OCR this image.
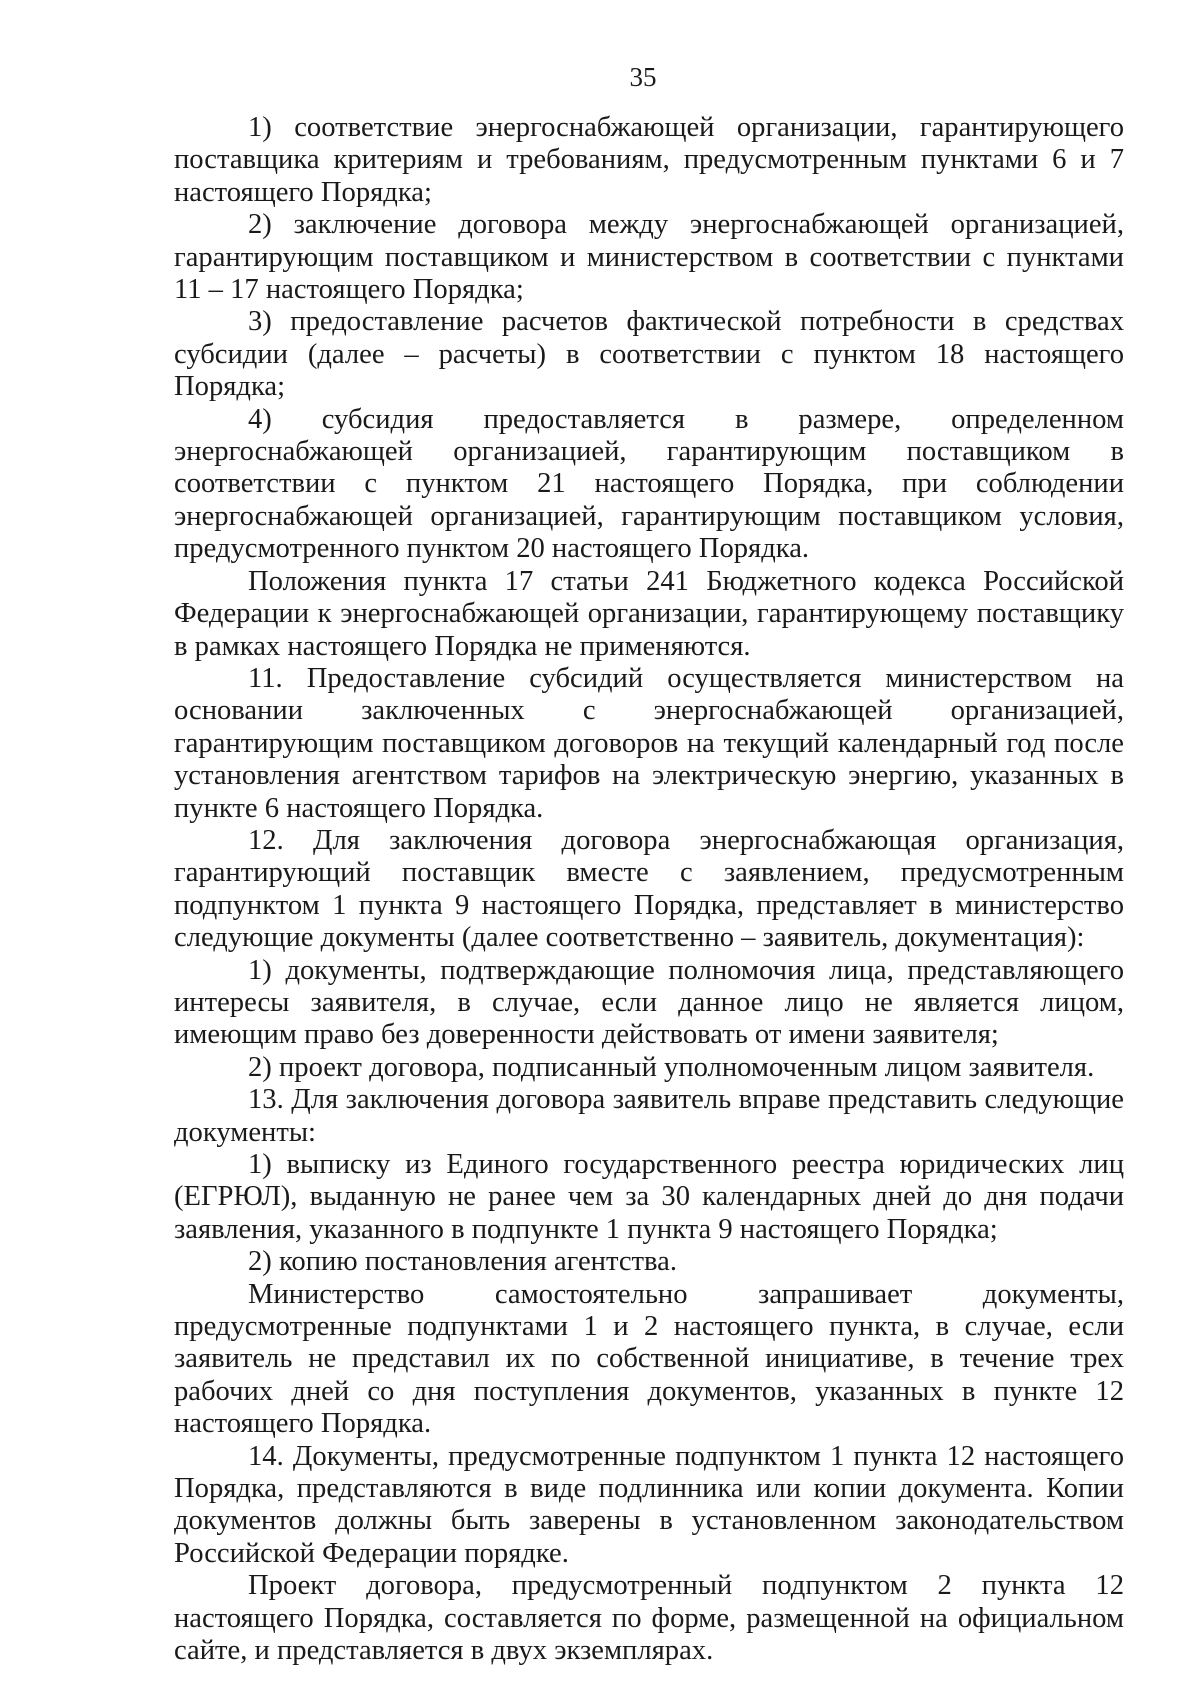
35

1) соответствие энергоснабжающей организации, гарантирующего поставщика критериям и требованиям, предусмотренным пунктами 6 и 7 настоящего Порядка;

2) заключение договора между энергоснабжающей организацией, гарантирующим поставщиком и министерством в соответствии с пунктами 11 – 17 настоящего Порядка;

3) предоставление расчетов фактической потребности в средствах субсидии (далее – расчеты) в соответствии с пунктом 18 настоящего Порядка;

4) субсидия предоставляется в размере, определенном энергоснабжающей организацией, гарантирующим поставщиком в соответствии с пунктом 21 настоящего Порядка, при соблюдении энергоснабжающей организацией, гарантирующим поставщиком условия, предусмотренного пунктом 20 настоящего Порядка.

Положения пункта 17 статьи 241 Бюджетного кодекса Российской Федерации к энергоснабжающей организации, гарантирующему поставщику в рамках настоящего Порядка не применяются.

11. Предоставление субсидий осуществляется министерством на основании заключенных с энергоснабжающей организацией, гарантирующим поставщиком договоров на текущий календарный год после установления агентством тарифов на электрическую энергию, указанных в пункте 6 настоящего Порядка.

12. Для заключения договора энергоснабжающая организация, гарантирующий поставщик вместе с заявлением, предусмотренным подпунктом 1 пункта 9 настоящего Порядка, представляет в министерство следующие документы (далее соответственно – заявитель, документация):

1) документы, подтверждающие полномочия лица, представляющего интересы заявителя, в случае, если данное лицо не является лицом, имеющим право без доверенности действовать от имени заявителя;

2) проект договора, подписанный уполномоченным лицом заявителя.

13. Для заключения договора заявитель вправе представить следующие документы:

1) выписку из Единого государственного реестра юридических лиц (ЕГРЮЛ), выданную не ранее чем за 30 календарных дней до дня подачи заявления, указанного в подпункте 1 пункта 9 настоящего Порядка;

2) копию постановления агентства.

Министерство самостоятельно запрашивает документы, предусмотренные подпунктами 1 и 2 настоящего пункта, в случае, если заявитель не представил их по собственной инициативе, в течение трех рабочих дней со дня поступления документов, указанных в пункте 12 настоящего Порядка.

14. Документы, предусмотренные подпунктом 1 пункта 12 настоящего Порядка, представляются в виде подлинника или копии документа. Копии документов должны быть заверены в установленном законодательством Российской Федерации порядке.

Проект договора, предусмотренный подпунктом 2 пункта 12 настоящего Порядка, составляется по форме, размещенной на официальном сайте, и представляется в двух экземплярах.
